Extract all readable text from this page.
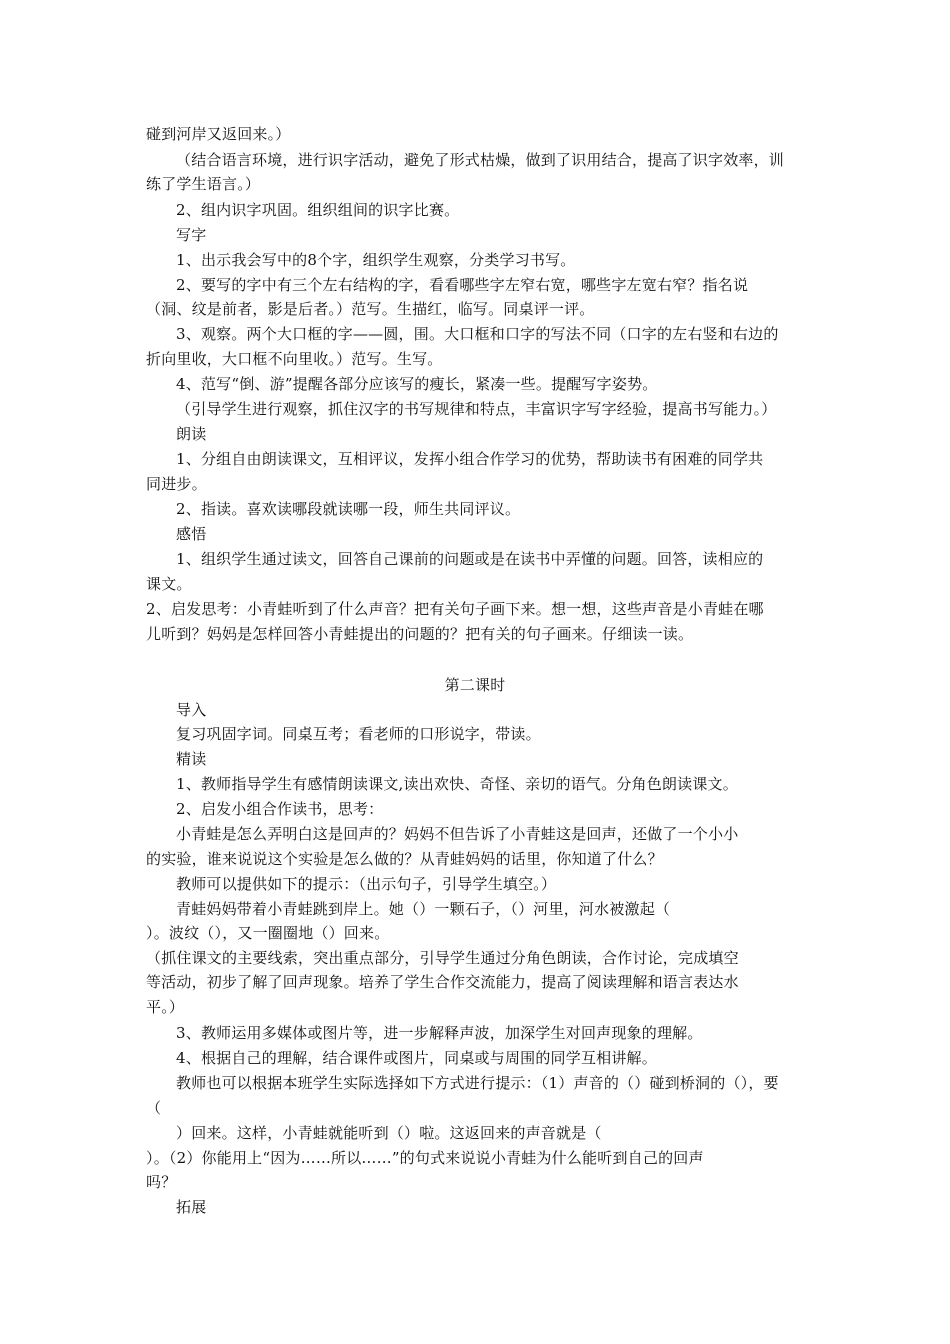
碰到河岸又返回来。）
（结合语言环境，进行识字活动，避免了形式枯燥，做到了识用结合，提高了识字效率，训
练了学生语言。）
2、组内识字巩固。组织组间的识字比赛。
写字
1、出示我会写中的8个字，组织学生观察，分类学习书写。
2、要写的字中有三个左右结构的字，看看哪些字左窄右宽，哪些字左宽右窄？指名说
（洞、纹是前者，影是后者。）范写。生描红，临写。同桌评一评。
3、观察。两个大口框的字——圆，围。大口框和口字的写法不同（口字的左右竖和右边的
折向里收，大口框不向里收。）范写。生写。
4、范写“倒、游”提醒各部分应该写的瘦长，紧凑一些。提醒写字姿势。
（引导学生进行观察，抓住汉字的书写规律和特点，丰富识字写字经验，提高书写能力。）
朗读
1、分组自由朗读课文，互相评议，发挥小组合作学习的优势，帮助读书有困难的同学共
同进步。
2、指读。喜欢读哪段就读哪一段，师生共同评议。
感悟
1、组织学生通过读文，回答自己课前的问题或是在读书中弄懂的问题。回答，读相应的
课文。
2、启发思考：小青蛙听到了什么声音？把有关句子画下来。想一想，这些声音是小青蛙在哪
儿听到？妈妈是怎样回答小青蛙提出的问题的？把有关的句子画来。仔细读一读。
第二课时
导入
复习巩固字词。同桌互考；看老师的口形说字，带读。
精读
1、教师指导学生有感情朗读课文,读出欢快、奇怪、亲切的语气。分角色朗读课文。
2、启发小组合作读书，思考：
小青蛙是怎么弄明白这是回声的？妈妈不但告诉了小青蛙这是回声，还做了一个小小
的实验，谁来说说这个实验是怎么做的？从青蛙妈妈的话里，你知道了什么？
教师可以提供如下的提示：（出示句子，引导学生填空。）
青蛙妈妈带着小青蛙跳到岸上。她（）一颗石子，（）河里，河水被激起（
）。波纹（），又一圈圈地（）回来。
（抓住课文的主要线索，突出重点部分，引导学生通过分角色朗读，合作讨论，完成填空
等活动，初步了解了回声现象。培养了学生合作交流能力，提高了阅读理解和语言表达水
平。）
3、教师运用多媒体或图片等，进一步解释声波，加深学生对回声现象的理解。
4、根据自己的理解，结合课件或图片，同桌或与周围的同学互相讲解。
教师也可以根据本班学生实际选择如下方式进行提示：（1）声音的（）碰到桥洞的（），要
（
）回来。这样，小青蛙就能听到（）啦。这返回来的声音就是（
）。（2）你能用上“因为……所以……”的句式来说说小青蛙为什么能听到自己的回声
吗？
拓展
